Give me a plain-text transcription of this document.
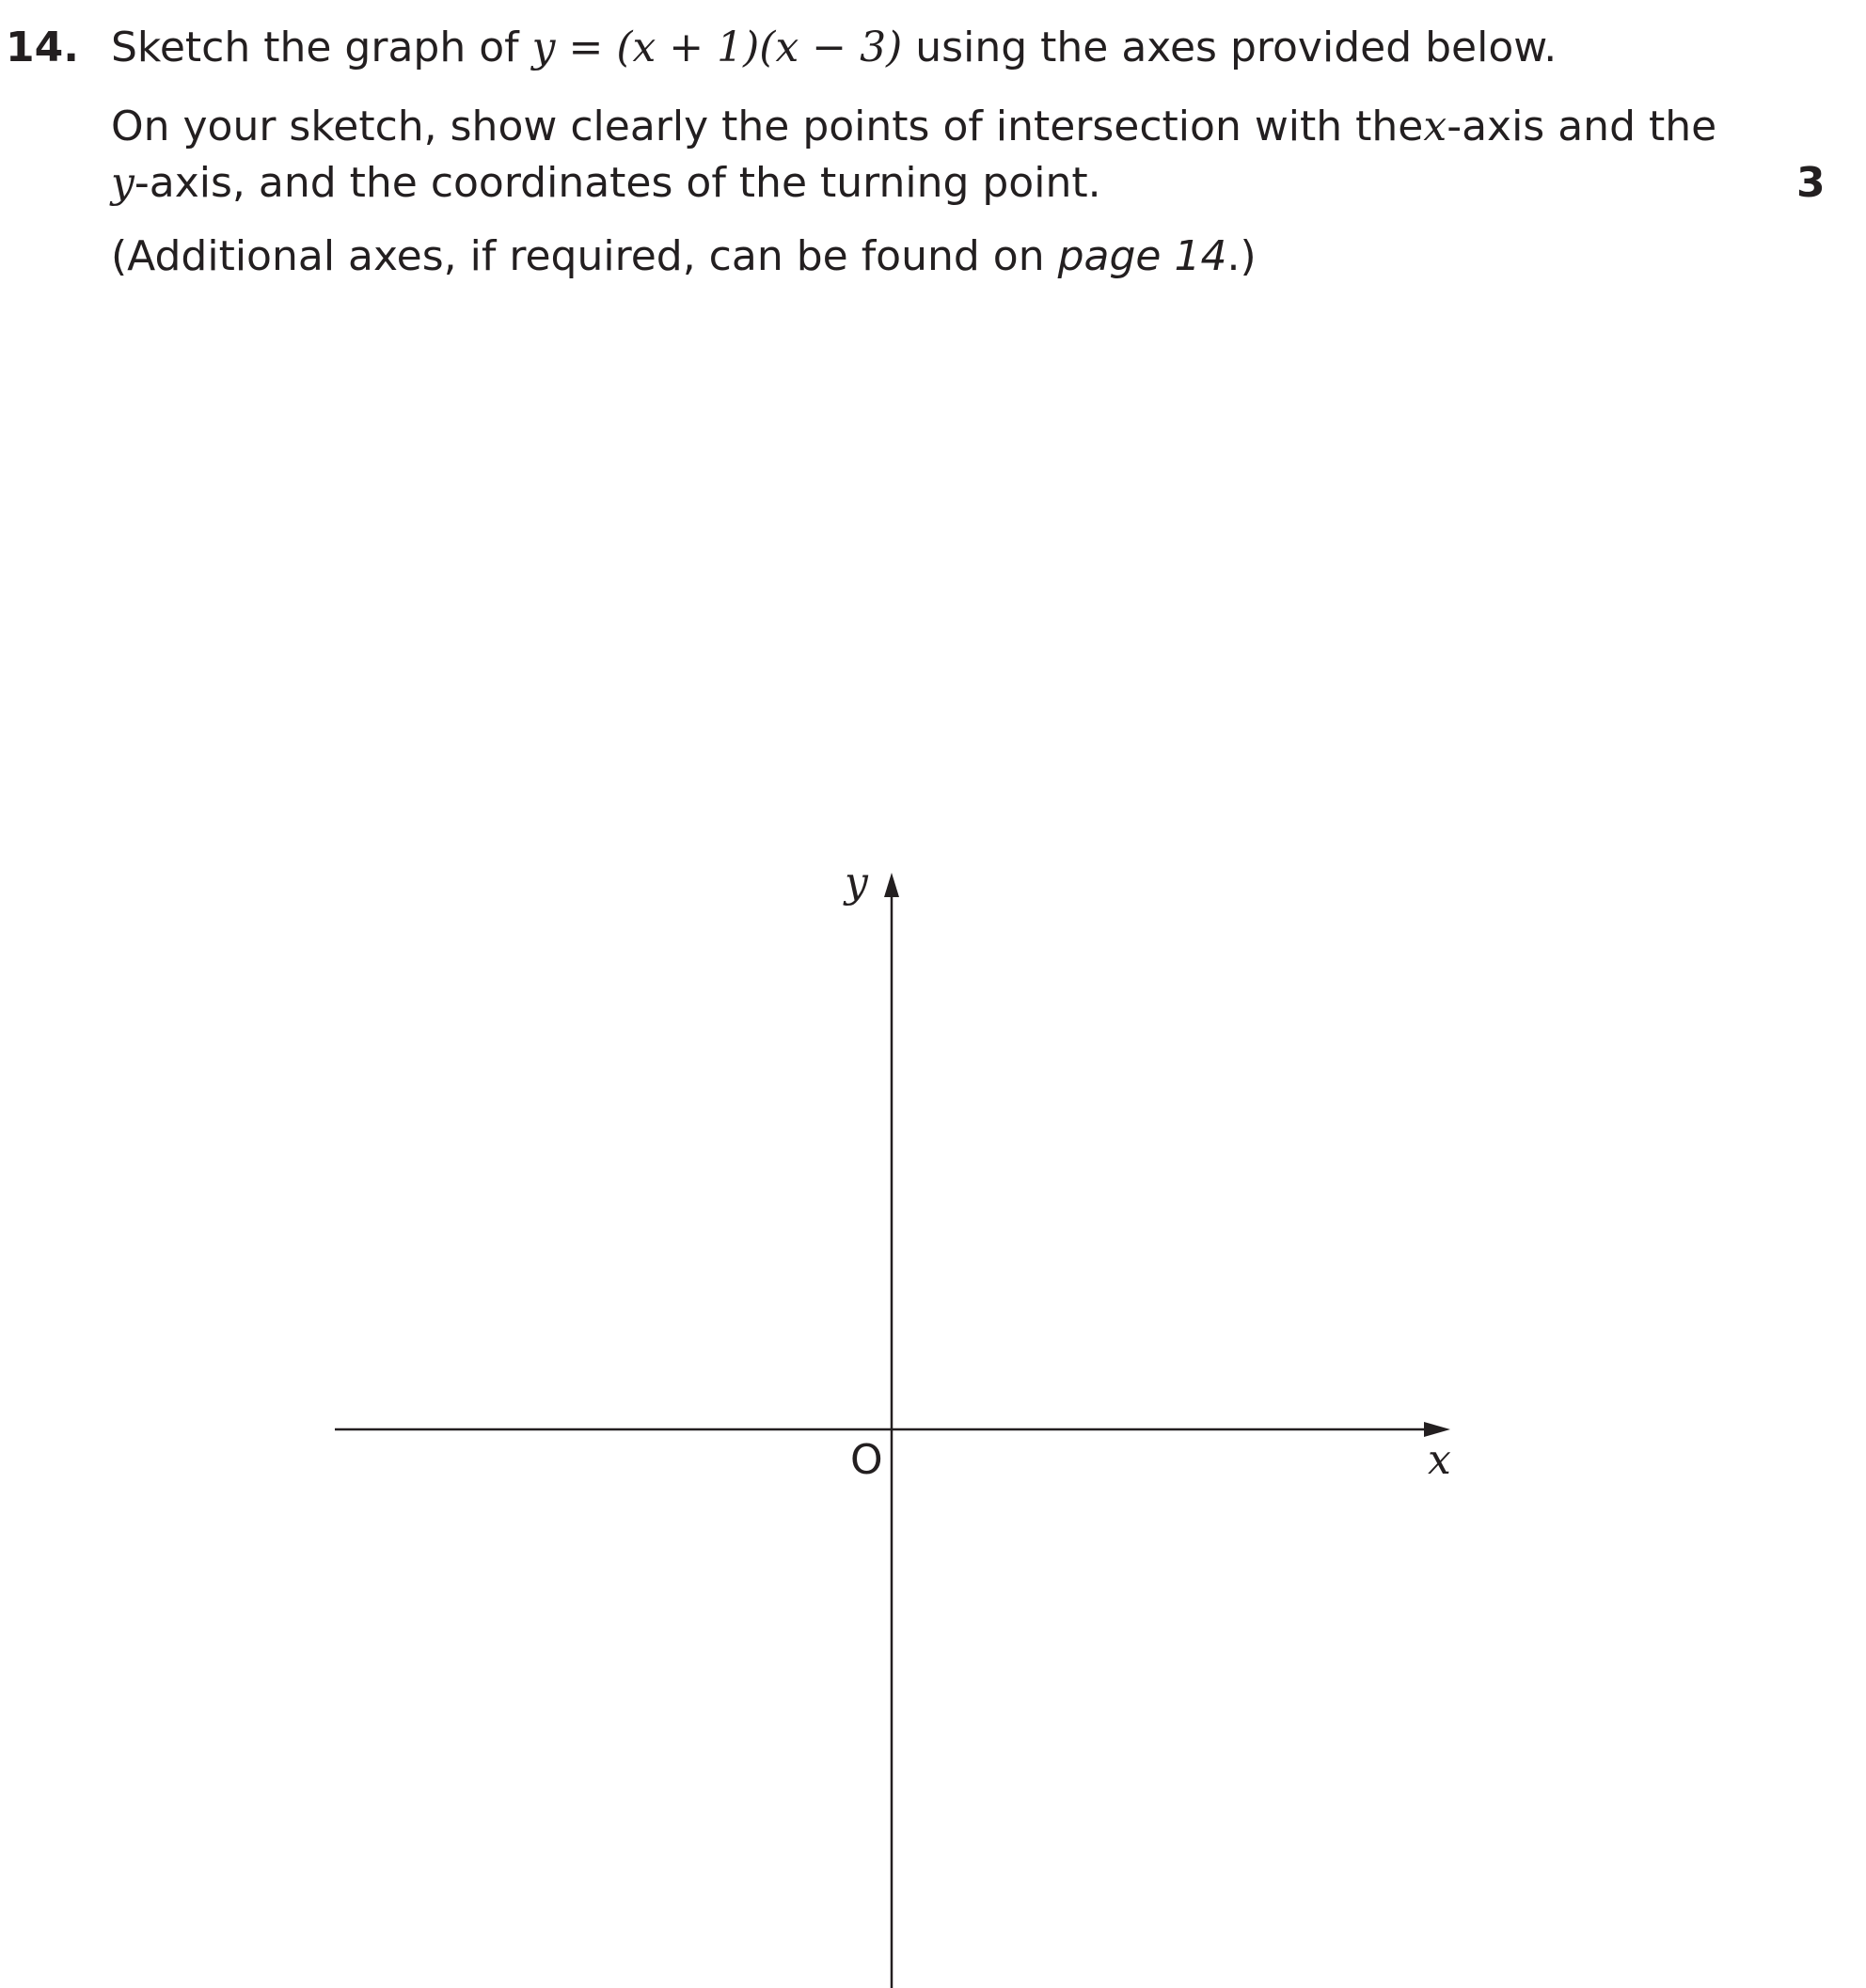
14. Sketch the graph of y = (x + 1)(x − 3) using the axes provided below.
On your sketch, show clearly the points of intersection with thex-axis and the
y-axis, and the coordinates of the turning point.
(Additional axes, if required, can be found on page 14.)
3
y
O	x
